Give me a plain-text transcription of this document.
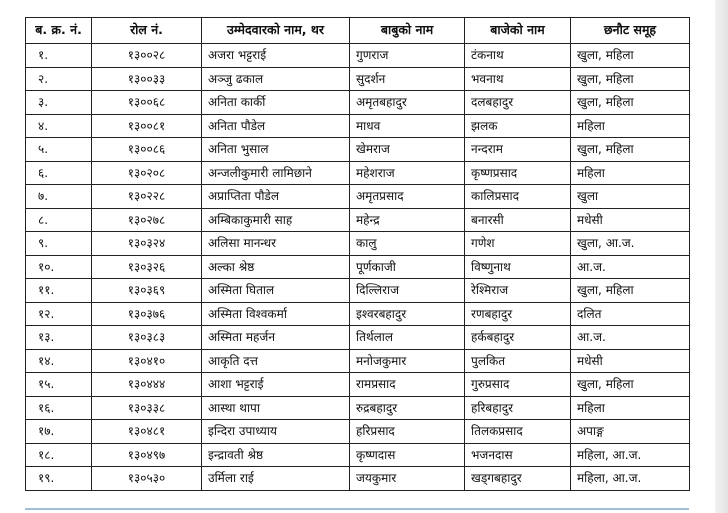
ब. क्र. नं.	रोल नं.	उम्मेदवारको नाम, थर	बाबुको नाम	बाजेको नाम	छनौट समूह
१.	१३००२८	अजरा भट्टराई	गुणराज	टंकनाथ	खुला, महिला
२.	१३००३३	अञ्जु ढकाल	सुदर्शन	भवनाथ	खुला, महिला
३.	१३००६८	अनिता कार्की	अमृतबहादुर	दलबहादुर	खुला, महिला
४.	१३००८१	अनिता पौडेल	माधव	झलक	महिला
५.	१३००८६	अनिता भुसाल	खेमराज	नन्दराम	खुला, महिला
६.	१३०२०८	अन्जलीकुमारी लामिछाने	महेशराज	कृष्णप्रसाद	महिला
७.	१३०२२८	अप्राप्तिता पौडेल	अमृतप्रसाद	कालिप्रसाद	खुला
८.	१३०२७८	अम्बिकाकुमारी साह	महेन्द्र	बनारसी	मधेसी
९.	१३०३२४	अलिसा मानन्धर	कालु	गणेश	खुला, आ.ज.
१०.	१३०३२६	अल्का श्रेष्ठ	पूर्णकाजी	विष्णुनाथ	आ.ज.
११.	१३०३६९	अस्मिता घिताल	दिल्लिराज	रेश्मिराज	खुला, महिला
१२.	१३०३७६	अस्मिता विश्वकर्मा	इश्वरबहादुर	रणबहादुर	दलित
१३.	१३०३८३	अस्मिता महर्जन	तिर्थलाल	हर्कबहादुर	आ.ज.
१४.	१३०४१०	आकृति दत्त	मनोजकुमार	पुलकित	मधेसी
१५.	१३०४४४	आशा भट्टराई	रामप्रसाद	गुरुप्रसाद	खुला, महिला
१६.	१३०३३८	आस्था थापा	रुद्रबहादुर	हरिबहादुर	महिला
१७.	१३०४८१	इन्दिरा उपाध्याय	हरिप्रसाद	तिलकप्रसाद	अपाङ्ग
१८.	१३०४९७	इन्द्रावती श्रेष्ठ	कृष्णदास	भजनदास	महिला, आ.ज.
१९.	१३०५३०	उर्मिला राई	जयकुमार	खड्गबहादुर	महिला, आ.ज.
